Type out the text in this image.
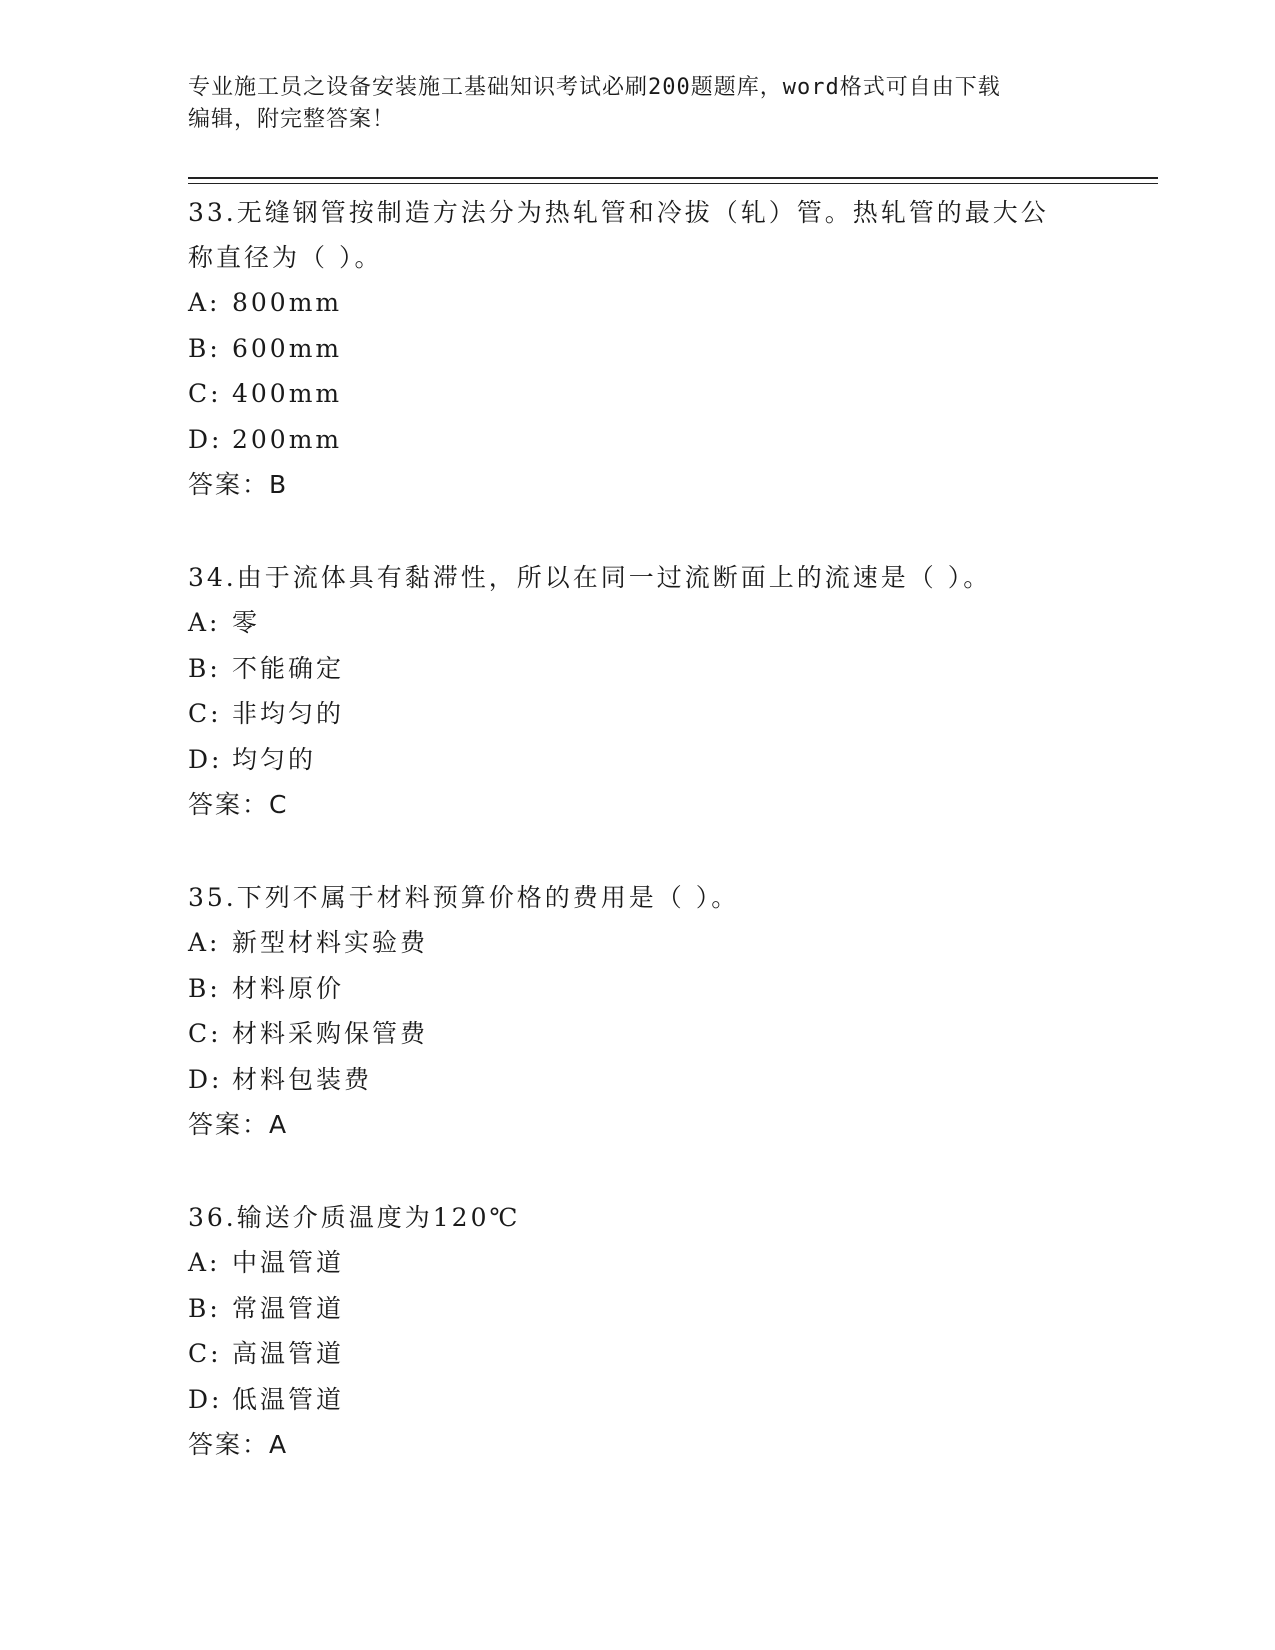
专业施工员之设备安装施工基础知识考试必刷200题题库，word格式可自由下载
编辑，附完整答案！

33.无缝钢管按制造方法分为热轧管和冷拔（轧）管。热轧管的最大公

称直径为（ ）。

A: 800mm

B: 600mm

C: 400mm

D: 200mm

答案：B

34.由于流体具有黏滞性，所以在同一过流断面上的流速是（ ）。

A: 零

B: 不能确定

C: 非均匀的

D: 均匀的

答案：C

35.下列不属于材料预算价格的费用是（ ）。

A: 新型材料实验费

B: 材料原价

C: 材料采购保管费

D: 材料包装费

答案：A

36.输送介质温度为120℃

A: 中温管道

B: 常温管道

C: 高温管道

D: 低温管道

答案：A
